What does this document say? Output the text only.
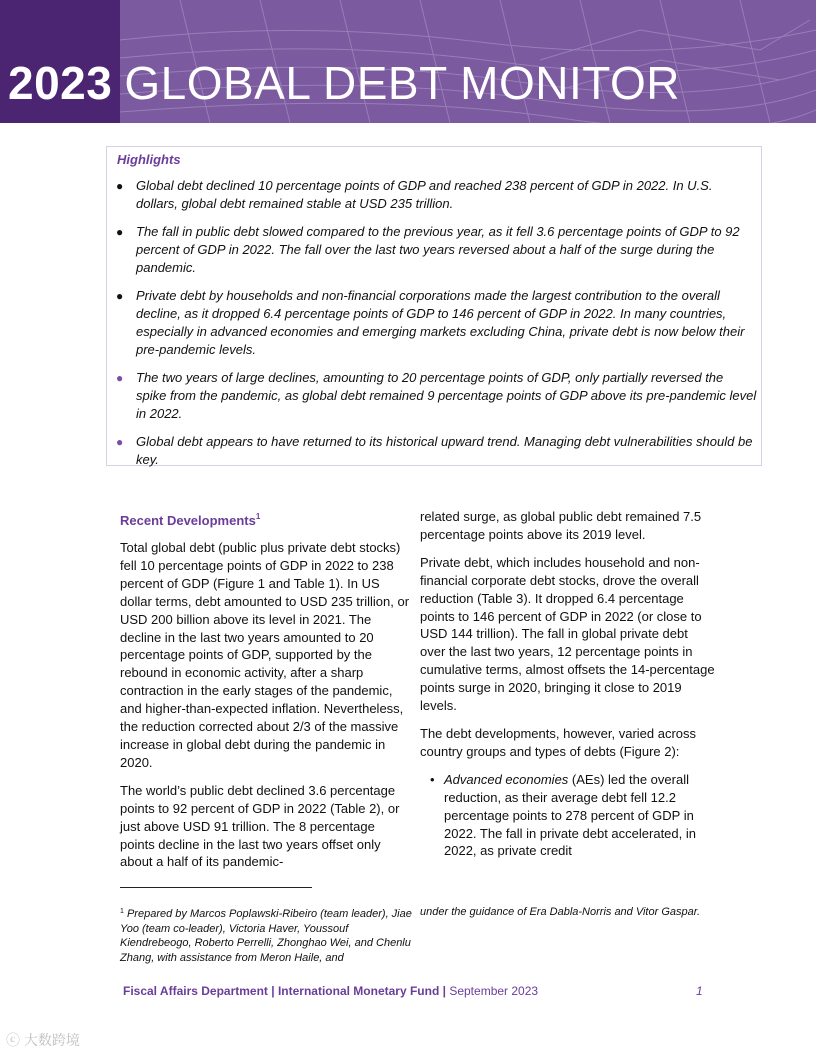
2023 GLOBAL DEBT MONITOR
Highlights
● Global debt declined 10 percentage points of GDP and reached 238 percent of GDP in 2022. In U.S. dollars, global debt remained stable at USD 235 trillion.
● The fall in public debt slowed compared to the previous year, as it fell 3.6 percentage points of GDP to 92 percent of GDP in 2022. The fall over the last two years reversed about a half of the surge during the pandemic.
● Private debt by households and non-financial corporations made the largest contribution to the overall decline, as it dropped 6.4 percentage points of GDP to 146 percent of GDP in 2022. In many countries, especially in advanced economies and emerging markets excluding China, private debt is now below their pre-pandemic levels.
● The two years of large declines, amounting to 20 percentage points of GDP, only partially reversed the spike from the pandemic, as global debt remained 9 percentage points of GDP above its pre-pandemic level in 2022.
● Global debt appears to have returned to its historical upward trend. Managing debt vulnerabilities should be key.
Recent Developments$^1$

Total global debt (public plus private debt stocks) fell 10 percentage points of GDP in 2022 to 238 percent of GDP (Figure 1 and Table 1). In US dollar terms, debt amounted to USD 235 trillion, or USD 200 billion above its level in 2021. The decline in the last two years amounted to 20 percentage points of GDP, supported by the rebound in economic activity, after a sharp contraction in the early stages of the pandemic, and higher-than-expected inflation. Nevertheless, the reduction corrected about 2/3 of the massive increase in global debt during the pandemic in 2020.

The world’s public debt declined 3.6 percentage points to 92 percent of GDP in 2022 (Table 2), or just above USD 91 trillion. The 8 percentage points decline in the last two years offset only about a half of its pandemic-

related surge, as global public debt remained 7.5 percentage points above its 2019 level.

Private debt, which includes household and non-financial corporate debt stocks, drove the overall reduction (Table 3). It dropped 6.4 percentage points to 146 percent of GDP in 2022 (or close to USD 144 trillion). The fall in global private debt over the last two years, 12 percentage points in cumulative terms, almost offsets the 14-percentage points surge in 2020, bringing it close to 2019 levels.

The debt developments, however, varied across country groups and types of debts (Figure 2):

• Advanced economies (AEs) led the overall reduction, as their average debt fell 12.2 percentage points to 278 percent of GDP in 2022. The fall in private debt accelerated, in 2022, as private credit

$^1$ Prepared by Marcos Poplawski-Ribeiro (team leader), Jiae Yoo (team co-leader), Victoria Haver, Youssouf Kiendrebeogo, Roberto Perrelli, Zhonghao Wei, and Chenlu Zhang, with assistance from Meron Haile, and
under the guidance of Era Dabla-Norris and Vitor Gaspar.
Fiscal Affairs Department | International Monetary Fund | September 2023	1
ⓒ 大数跨境
